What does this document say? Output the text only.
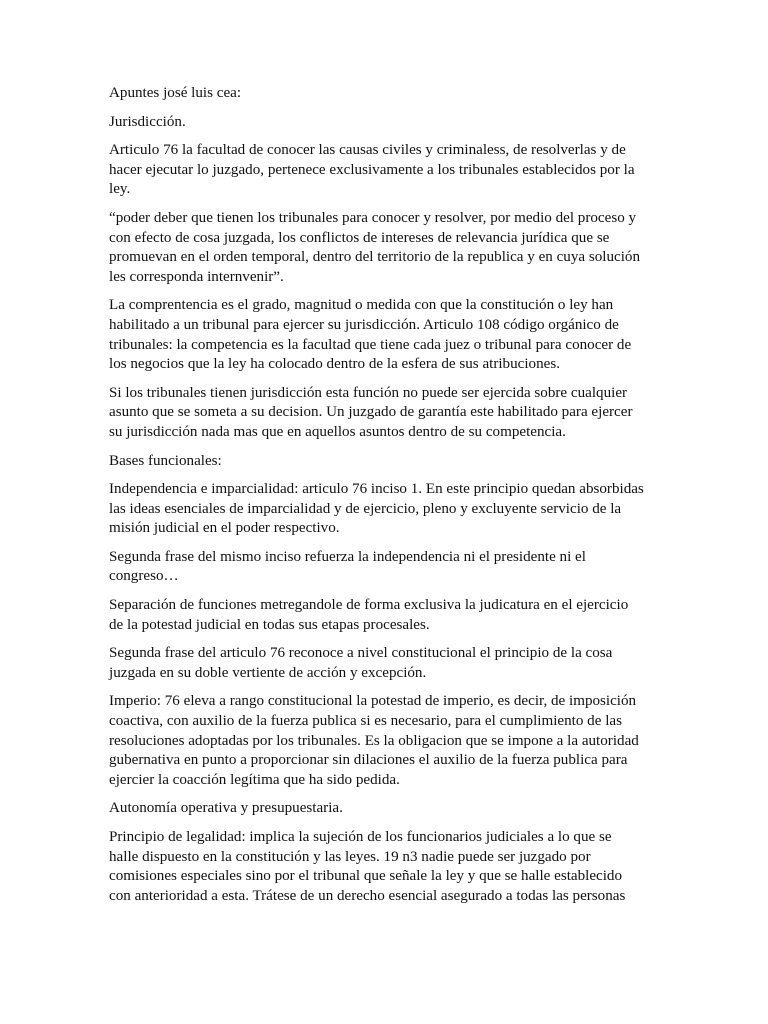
Apuntes josé luis cea:

Jurisdicción.

Articulo 76 la facultad de conocer las causas civiles y criminaless, de resolverlas y de
hacer ejecutar lo juzgado, pertenece exclusivamente a los tribunales establecidos por la
ley.

“poder deber que tienen los tribunales para conocer y resolver, por medio del proceso y
con efecto de cosa juzgada, los conflictos de intereses de relevancia jurídica que se
promuevan en el orden temporal, dentro del territorio de la republica y en cuya solución
les corresponda internvenir”.

La comprentencia es el grado, magnitud o medida con que la constitución o ley han
habilitado a un tribunal para ejercer su jurisdicción. Articulo 108 código orgánico de
tribunales: la competencia es la facultad que tiene cada juez o tribunal para conocer de
los negocios que la ley ha colocado dentro de la esfera de sus atribuciones.

Si los tribunales tienen jurisdicción esta función no puede ser ejercida sobre cualquier
asunto que se someta a su decision. Un juzgado de garantía este habilitado para ejercer
su jurisdicción nada mas que en aquellos asuntos dentro de su competencia.

Bases funcionales:

Independencia e imparcialidad: articulo 76 inciso 1. En este principio quedan absorbidas
las ideas esenciales de imparcialidad y de ejercicio, pleno y excluyente servicio de la
misión judicial en el poder respectivo.

Segunda frase del mismo inciso refuerza la independencia ni el presidente ni el
congreso…

Separación de funciones metregandole de forma exclusiva la judicatura en el ejercicio
de la potestad judicial en todas sus etapas procesales.

Segunda frase del articulo 76 reconoce a nivel constitucional el principio de la cosa
juzgada en su doble vertiente de acción y excepción.

Imperio: 76 eleva a rango constitucional la potestad de imperio, es decir, de imposición
coactiva, con auxilio de la fuerza publica si es necesario, para el cumplimiento de las
resoluciones adoptadas por los tribunales. Es la obligacion que se impone a la autoridad
gubernativa en punto a proporcionar sin dilaciones el auxilio de la fuerza publica para
ejercier la coacción legítima que ha sido pedida.

Autonomía operativa y presupuestaria.

Principio de legalidad: implica la sujeción de los funcionarios judiciales a lo que se
halle dispuesto en la constitución y las leyes. 19 n3 nadie puede ser juzgado por
comisiones especiales sino por el tribunal que señale la ley y que se halle establecido
con anterioridad a esta. Trátese de un derecho esencial asegurado a todas las personas
